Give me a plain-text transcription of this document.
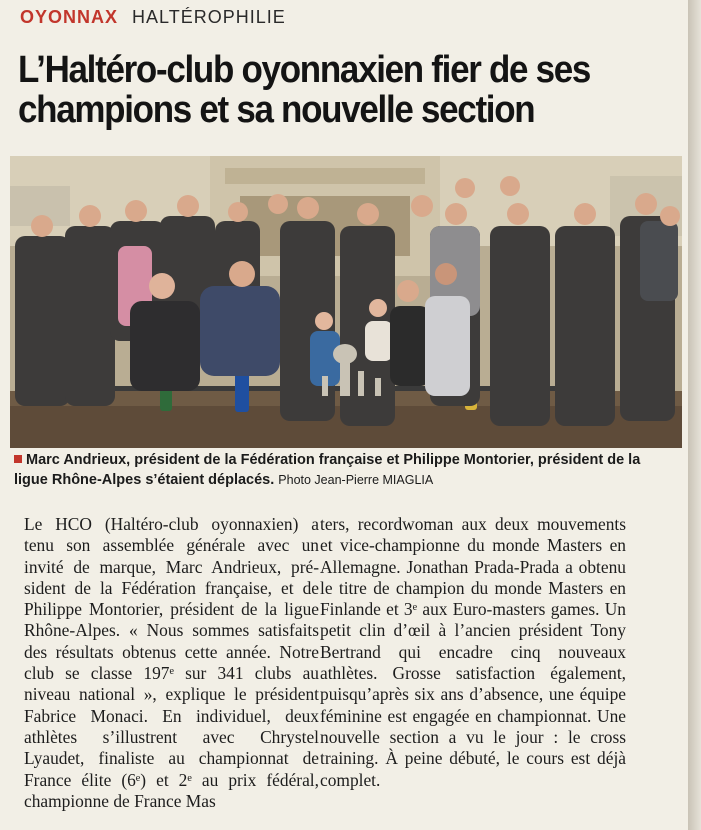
OYONNAX HALTÉROPHILIE
L’Haltéro-club oyonnaxien fier de ses champions et sa nouvelle section
Marc Andrieux, président de la Fédération française et Philippe Montorier, président de la ligue Rhône-Alpes s’étaient déplacés. Photo Jean-Pierre MIAGLIA

Le HCO (Haltéro-club oyonnaxien) a tenu son assemblée générale avec un invité de marque, Marc Andrieux, président de la Fédération française, et de Philippe Montorier, président de la ligue Rhône-Alpes. « Nous sommes satisfaits des résultats obtenus cette année. Notre club se classe 197ᵉ sur 341 clubs au niveau national », explique le président Fabrice Monaci. En individuel, deux athlètes s’illustrent avec Chrystel Lyaudet, finaliste au championnat de France élite (6ᵉ) et 2ᵉ au prix fédéral, championne de France Mas

ters, recordwoman aux deux mouvements et vice-championne du monde Masters en Allemagne. Jonathan Prada-Prada a obtenu le titre de champion du monde Masters en Finlande et 3ᵉ aux Euro-masters games. Un petit clin d’œil à l’ancien président Tony Bertrand qui encadre cinq nouveaux athlètes. Grosse satisfaction également, puisqu’après six ans d’absence, une équipe féminine est engagée en championnat. Une nouvelle section a vu le jour : le cross training. À peine débuté, le cours est déjà complet.
